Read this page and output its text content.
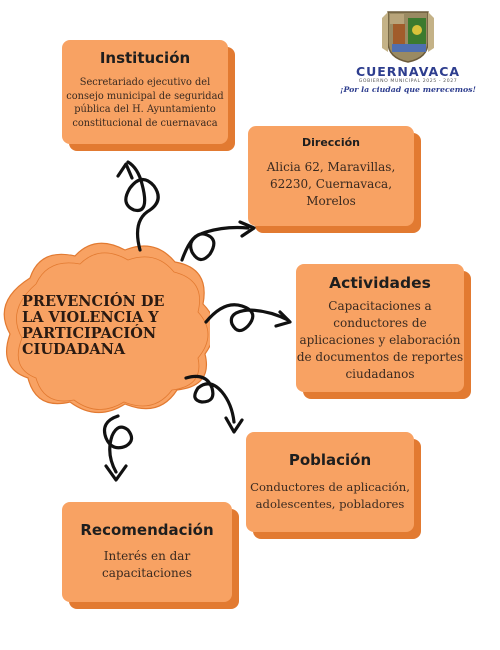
CUERNAVACA
GOBIERNO MUNICIPAL 2025 - 2027
¡Por la ciudad que merecemos!
PREVENCIÓN DE
LA VIOLENCIA Y
PARTICIPACIÓN
CIUDADANA
Institución
Secretariado ejecutivo del
consejo municipal de seguridad
pública del H. Ayuntamiento
constitucional de cuernavaca
Dirección
Alicia 62, Maravillas,
62230, Cuernavaca,
Morelos
Actividades
Capacitaciones a
conductores de
aplicaciones y elaboración
de documentos de reportes
ciudadanos
Población
Conductores de aplicación,
adolescentes, pobladores
Recomendación
Interés en dar
capacitaciones
